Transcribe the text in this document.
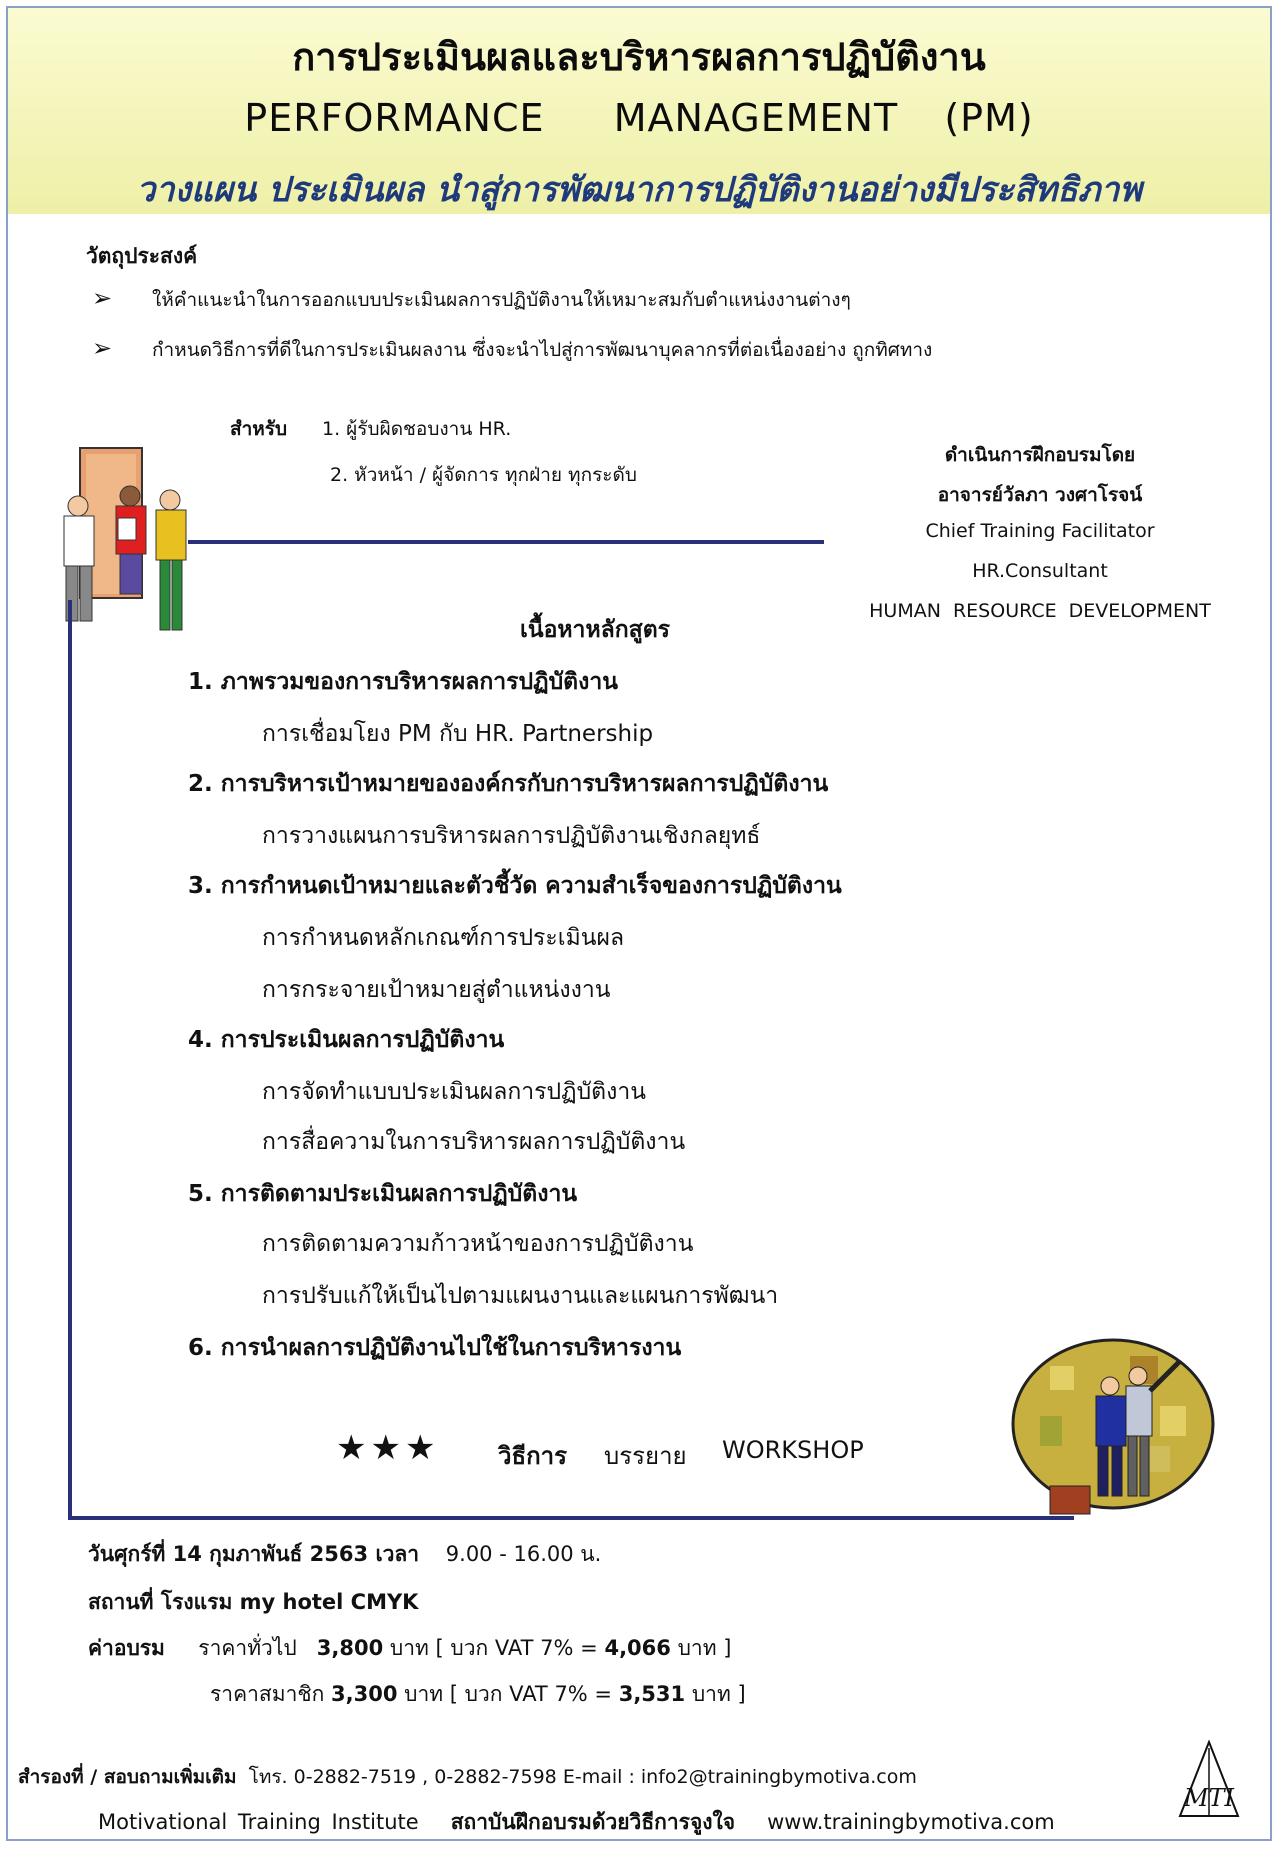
การประเมินผลและบริหารผลการปฏิบัติงาน
PERFORMANCE   MANAGEMENT  (PM)
วางแผน ประเมินผล นำสู่การพัฒนาการปฏิบัติงานอย่างมีประสิทธิภาพ
วัตถุประสงค์
➢ ให้คำแนะนำในการออกแบบประเมินผลการปฏิบัติงานให้เหมาะสมกับตำแหน่งงานต่างๆ
➢ กำหนดวิธีการที่ดีในการประเมินผลงาน ซึ่งจะนำไปสู่การพัฒนาบุคลากรที่ต่อเนื่องอย่าง ถูกทิศทาง
สำหรับ 1. ผู้รับผิดชอบงาน HR.
2. หัวหน้า / ผู้จัดการ ทุกฝ่าย ทุกระดับ
ดำเนินการฝึกอบรมโดย
อาจารย์วัลภา วงศาโรจน์
Chief Training Facilitator
HR.Consultant
HUMAN RESOURCE DEVELOPMENT
เนื้อหาหลักสูตร
1. ภาพรวมของการบริหารผลการปฏิบัติงาน
การเชื่อมโยง PM กับ HR. Partnership
2. การบริหารเป้าหมายขององค์กรกับการบริหารผลการปฏิบัติงาน
การวางแผนการบริหารผลการปฏิบัติงานเชิงกลยุทธ์
3. การกำหนดเป้าหมายและตัวชี้วัด ความสำเร็จของการปฏิบัติงาน
การกำหนดหลักเกณฑ์การประเมินผล
การกระจายเป้าหมายสู่ตำแหน่งงาน
4. การประเมินผลการปฏิบัติงาน
การจัดทำแบบประเมินผลการปฏิบัติงาน
การสื่อความในการบริหารผลการปฏิบัติงาน
5. การติดตามประเมินผลการปฏิบัติงาน
การติดตามความก้าวหน้าของการปฏิบัติงาน
การปรับแก้ให้เป็นไปตามแผนงานและแผนการพัฒนา
6. การนำผลการปฏิบัติงานไปใช้ในการบริหารงาน
★★★ วิธีการ บรรยาย WORKSHOP
วันศุกร์ที่ 14 กุมภาพันธ์ 2563 เวลา 9.00 - 16.00 น.
สถานที่ โรงแรม my hotel CMYK
ค่าอบรม ราคาทั่วไป 3,800 บาท [ บวก VAT 7% = 4,066 บาท ]
ราคาสมาชิก 3,300 บาท [ บวก VAT 7% = 3,531 บาท ]
สำรองที่ / สอบถามเพิ่มเติม โทร. 0-2882-7519 , 0-2882-7598 E-mail : info2@trainingbymotiva.com
Motivational Training Institute สถาบันฝึกอบรมด้วยวิธีการจูงใจ www.trainingbymotiva.com
MTI
